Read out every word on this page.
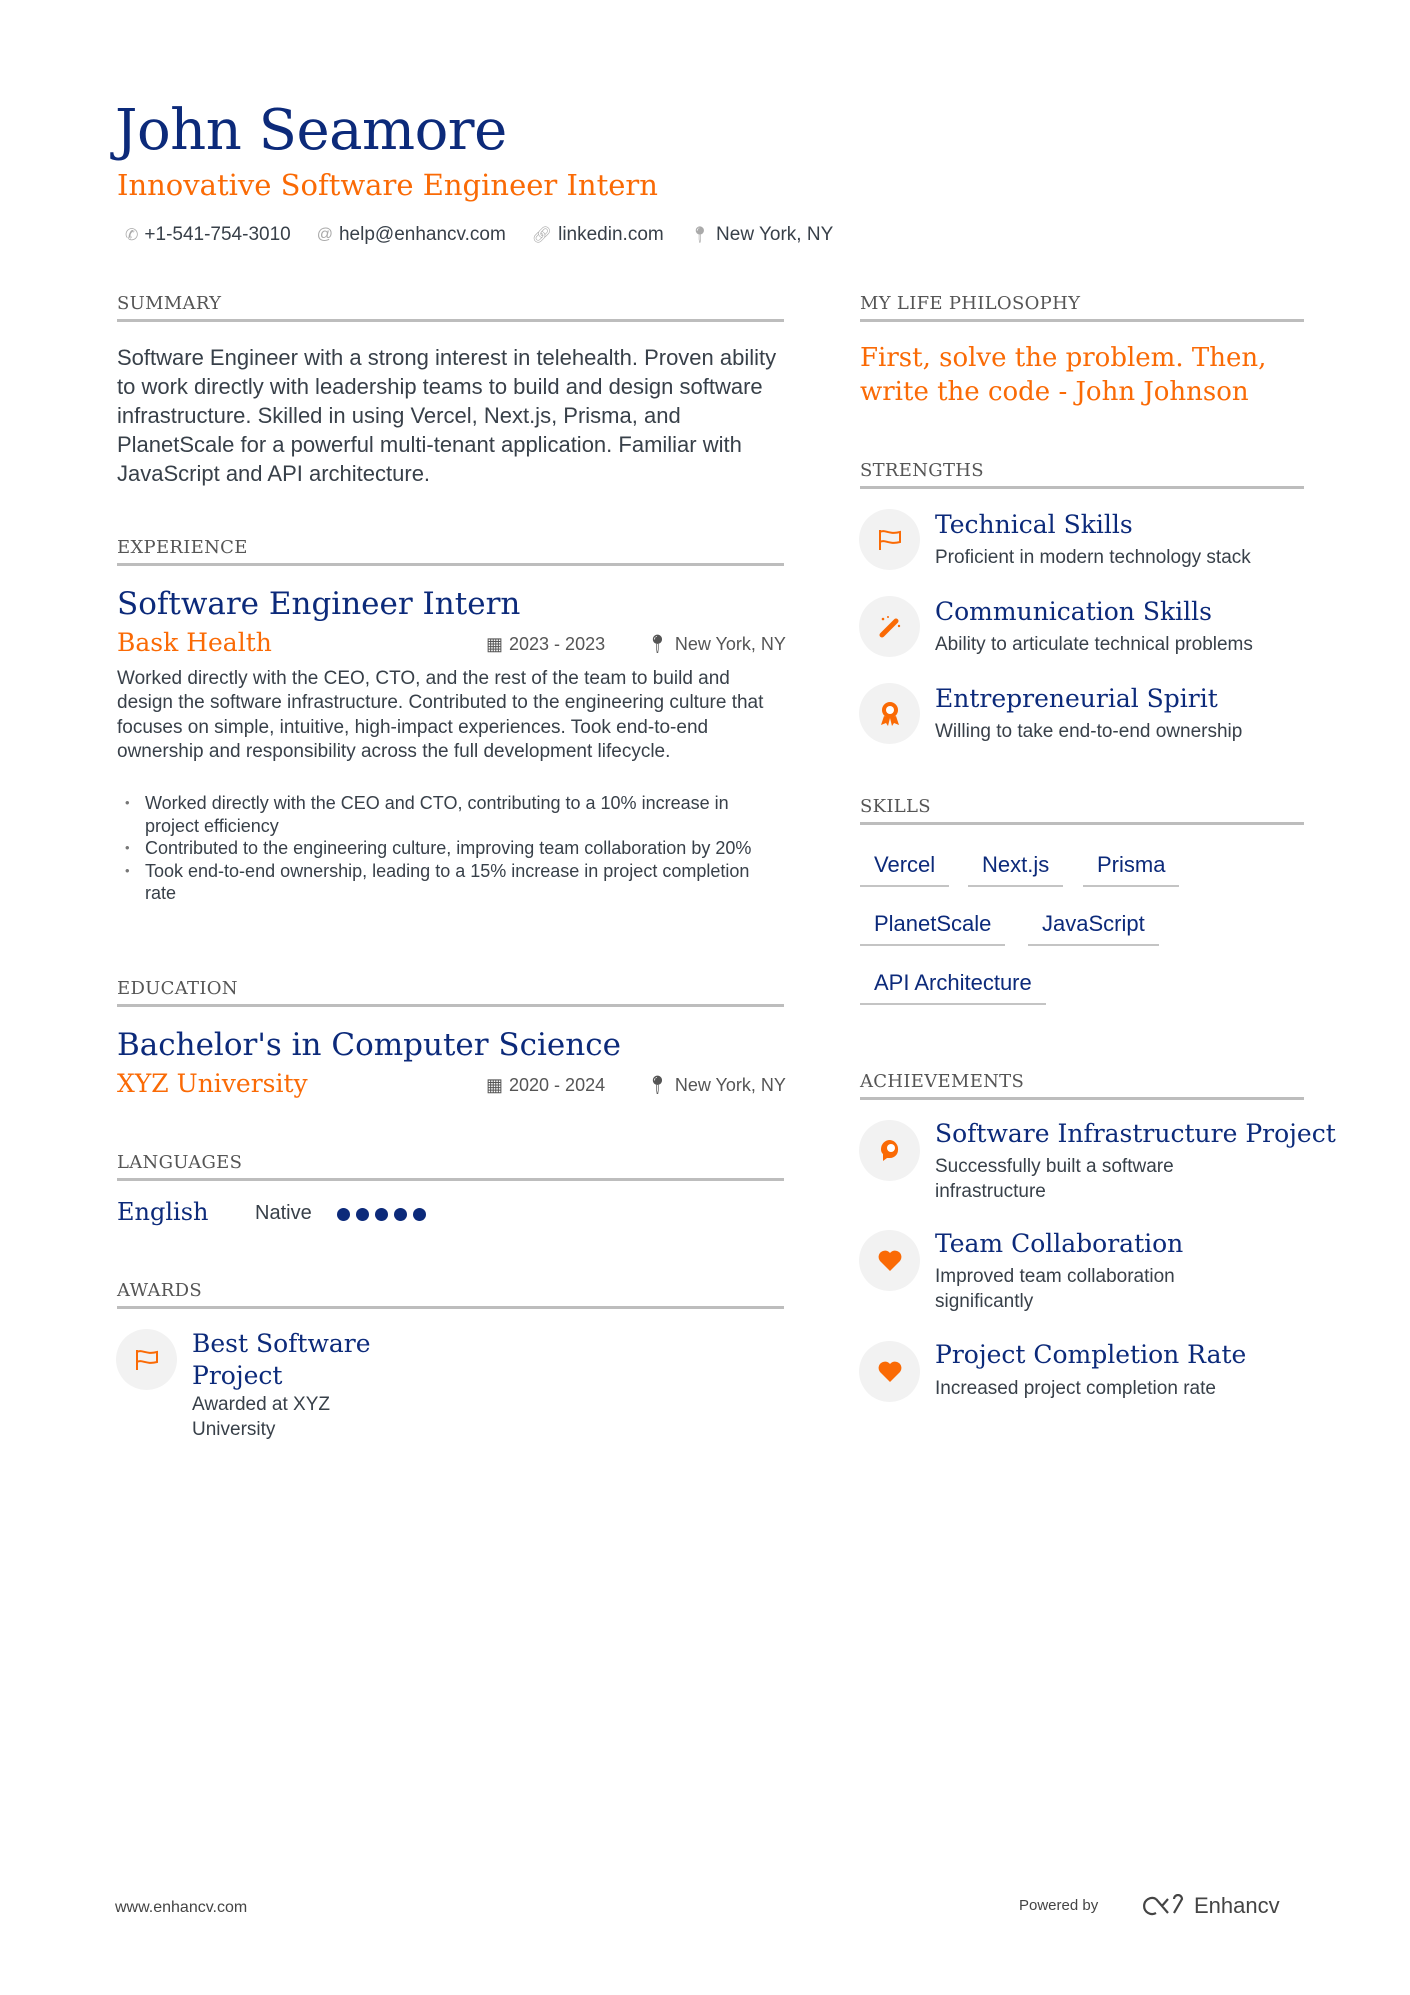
John Seamore
Innovative Software Engineer Intern
✆ +1-541-754-3010 @ help@enhancv.com 🔗︎ linkedin.com 📍︎ New York, NY
SUMMARY
Software Engineer with a strong interest in telehealth. Proven ability to work directly with leadership teams to build and design software infrastructure. Skilled in using Vercel, Next.js, Prisma, and PlanetScale for a powerful multi-tenant application. Familiar with JavaScript and API architecture.
EXPERIENCE
Software Engineer Intern
Bask Health	▦ 2023 - 2023 📍︎ New York, NY
Worked directly with the CEO, CTO, and the rest of the team to build and design the software infrastructure. Contributed to the engineering culture that focuses on simple, intuitive, high-impact experiences. Took end-to-end ownership and responsibility across the full development lifecycle.
• Worked directly with the CEO and CTO, contributing to a 10% increase in project efficiency
• Contributed to the engineering culture, improving team collaboration by 20%
• Took end-to-end ownership, leading to a 15% increase in project completion rate
EDUCATION
Bachelor's in Computer Science
XYZ University	▦ 2020 - 2024 📍︎ New York, NY
LANGUAGES
English Native
AWARDS
Best Software Project
Awarded at XYZ University
MY LIFE PHILOSOPHY
First, solve the problem. Then, write the code - John Johnson
STRENGTHS
Technical Skills
Proficient in modern technology stack
Communication Skills
Ability to articulate technical problems
Entrepreneurial Spirit
Willing to take end-to-end ownership
SKILLS
Vercel	Next.js	Prisma
PlanetScale	JavaScript
API Architecture
ACHIEVEMENTS
Software Infrastructure Project
Successfully built a software infrastructure
Team Collaboration
Improved team collaboration significantly
Project Completion Rate
Increased project completion rate
www.enhancv.com	Powered by	Enhancv
